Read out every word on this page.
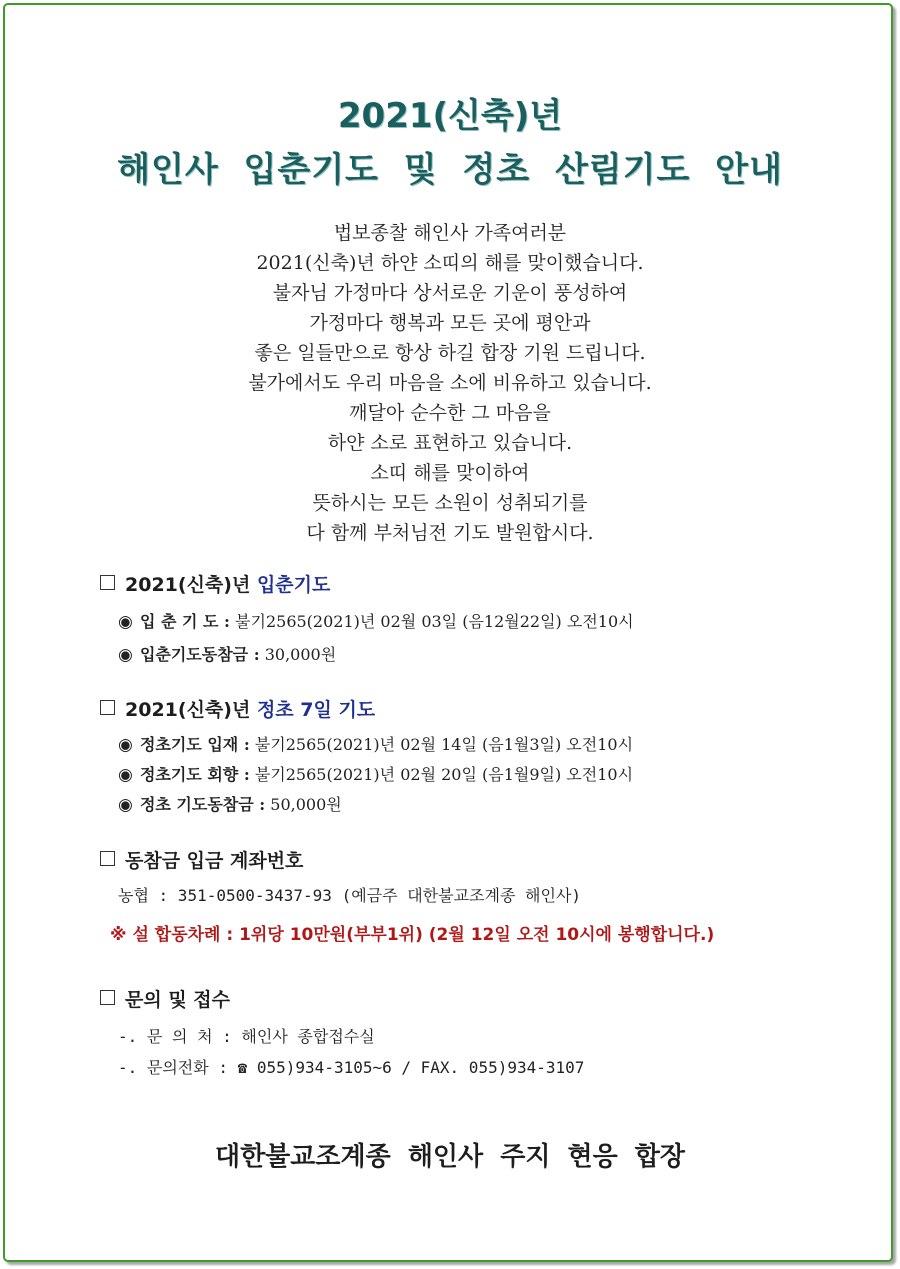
2021(신축)년
해인사 입춘기도 및 정초 산림기도 안내
법보종찰 해인사 가족여러분
2021(신축)년 하얀 소띠의 해를 맞이했습니다.
불자님 가정마다 상서로운 기운이 풍성하여
가정마다 행복과 모든 곳에 평안과
좋은 일들만으로 항상 하길 합장 기원 드립니다.
불가에서도 우리 마음을 소에 비유하고 있습니다.
깨달아 순수한 그 마음을
하얀 소로 표현하고 있습니다.
소띠 해를 맞이하여
뜻하시는 모든 소원이 성취되기를
다 함께 부처님전 기도 발원합시다.
2021(신축)년 입춘기도
◉ 입 춘 기 도 : 불기2565(2021)년 02월 03일 (음12월22일) 오전10시
◉ 입춘기도동참금 : 30,000원
2021(신축)년 정초 7일 기도
◉ 정초기도 입재 : 불기2565(2021)년 02월 14일 (음1월3일) 오전10시
◉ 정초기도 회향 : 불기2565(2021)년 02월 20일 (음1월9일) 오전10시
◉ 정초 기도동참금 : 50,000원
동참금 입금 계좌번호
농협 : 351-0500-3437-93 (예금주 대한불교조계종 해인사)
※ 설 합동차례 : 1위당 10만원(부부1위) (2월 12일 오전 10시에 봉행합니다.)
문의 및 접수
-. 문 의 처 : 해인사 종합접수실
-. 문의전화 : ☎ 055)934-3105~6 / FAX. 055)934-3107
대한불교조계종 해인사 주지 현응 합장
